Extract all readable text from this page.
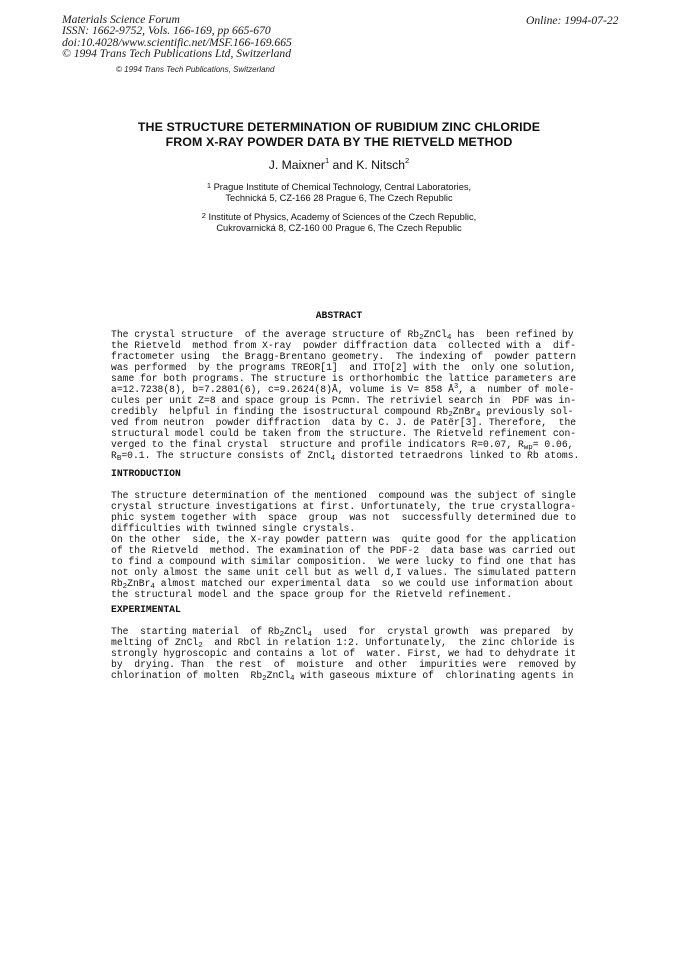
Materials Science Forum
ISSN: 1662-9752, Vols. 166-169, pp 665-670
doi:10.4028/www.scientific.net/MSF.166-169.665
© 1994 Trans Tech Publications Ltd, Switzerland
Online: 1994-07-22
© 1994 Trans Tech Publications, Switzerland
THE STRUCTURE DETERMINATION OF RUBIDIUM ZINC CHLORIDE
FROM X-RAY POWDER DATA BY THE RIETVELD METHOD
J. Maixner$^1$ and K. Nitsch$^2$
$^1$ Prague Institute of Chemical Technology, Central Laboratories,
Technická 5, CZ-166 28 Prague 6, The Czech Republic
$^2$ Institute of Physics, Academy of Sciences of the Czech Republic,
Cukrovarnická 8, CZ-160 00 Prague 6, The Czech Republic
ABSTRACT
The crystal structure  of the average structure of $Rb_2ZnCl_4$ has  been refined by
the Rietveld  method from X-ray  powder diffraction data  collected with a  dif-
fractometer using  the Bragg-Brentano geometry.  The indexing of  powder pattern
was performed  by the programs TREOR[1]  and ITO[2] with the  only one solution,
same for both programs. The structure is orthorhombic the lattice parameters are
a=12.7238(8), b=7.2801(6), c=9.2624(8)Å, volume is V= 858 $Å^3$, a  number of mole-
cules per unit Z=8 and space group is Pcmn. The retriviel search in  PDF was in-
credibly  helpful in finding the isostructural compound $Rb_2ZnBr_4$ previously sol-
ved from neutron  powder diffraction  data by C. J. de Patër[3]. Therefore,  the
structural model could be taken from the structure. The Rietveld refinement con-
verged to the final crystal  structure and profile indicators R=0.07, $R_{wp}= 0.06$,
$R_B=0.1$. The structure consists of ZnCl$_4$ distorted tetraedrons linked to Rb atoms.
INTRODUCTION
The structure determination of the mentioned  compound was the subject of single
crystal structure investigations at first. Unfortunately, the true crystallogra-
phic system together with  space  group  was not  successfully determined due to
difficulties with twinned single crystals.
On the other  side, the X-ray powder pattern was  quite good for the application
of the Rietveld  method. The examination of the PDF-2  data base was carried out
to find a compound with similar composition.  We were lucky to find one that has
not only almost the same unit cell but as well d,I values. The simulated pattern
$Rb_2ZnBr_4$ almost matched our experimental data  so we could use information about
the structural model and the space group for the Rietveld refinement.
EXPERIMENTAL
The  starting material  of $Rb_2ZnCl_4$  used  for  crystal growth  was prepared  by
melting of ZnCl$_2$  and RbCl in relation 1:2. Unfortunately,  the zinc chloride is
strongly hygroscopic and contains a lot of  water. First, we had to dehydrate it
by  drying. Than  the rest  of  moisture  and other  impurities were  removed by
chlorination of molten  $Rb_2ZnCl_4$ with gaseous mixture of  chlorinating agents in
